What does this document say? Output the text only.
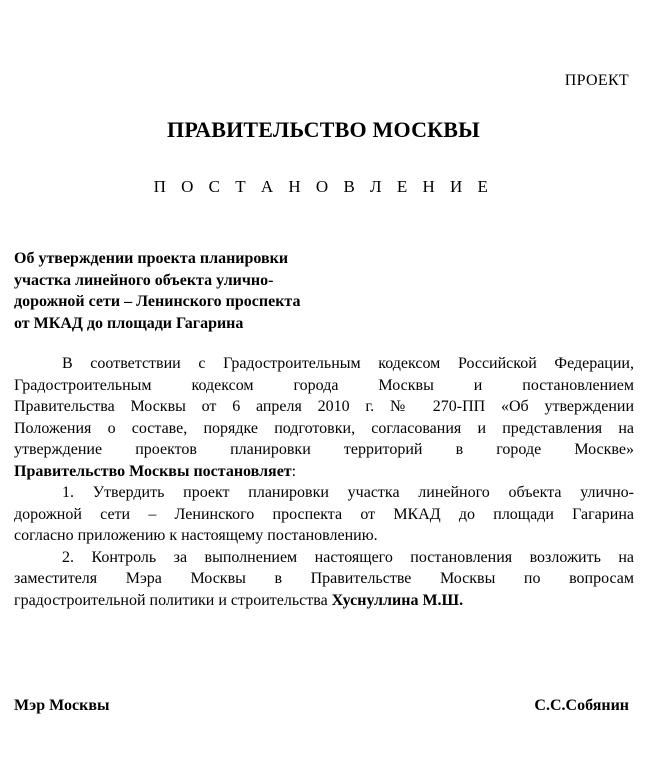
ПРОЕКТ
ПРАВИТЕЛЬСТВО МОСКВЫ
П О С Т А Н О В Л Е Н И Е
Об утверждении проекта планировки
участка линейного объекта улично-
дорожной сети – Ленинского проспекта
от МКАД до площади Гагарина
В соответствии с Градостроительным кодексом Российской Федерации,
Градостроительным кодексом города Москвы и постановлением
Правительства Москвы от 6 апреля 2010 г. № 270-ПП «Об утверждении
Положения о составе, порядке подготовки, согласования и представления на
утверждение проектов планировки территорий в городе Москве»
Правительство Москвы постановляет:
1. Утвердить проект планировки участка линейного объекта улично-
дорожной сети – Ленинского проспекта от МКАД до площади Гагарина
согласно приложению к настоящему постановлению.
2. Контроль за выполнением настоящего постановления возложить на
заместителя Мэра Москвы в Правительстве Москвы по вопросам
градостроительной политики и строительства Хуснуллина М.Ш.
Мэр Москвы	С.С.Собянин
